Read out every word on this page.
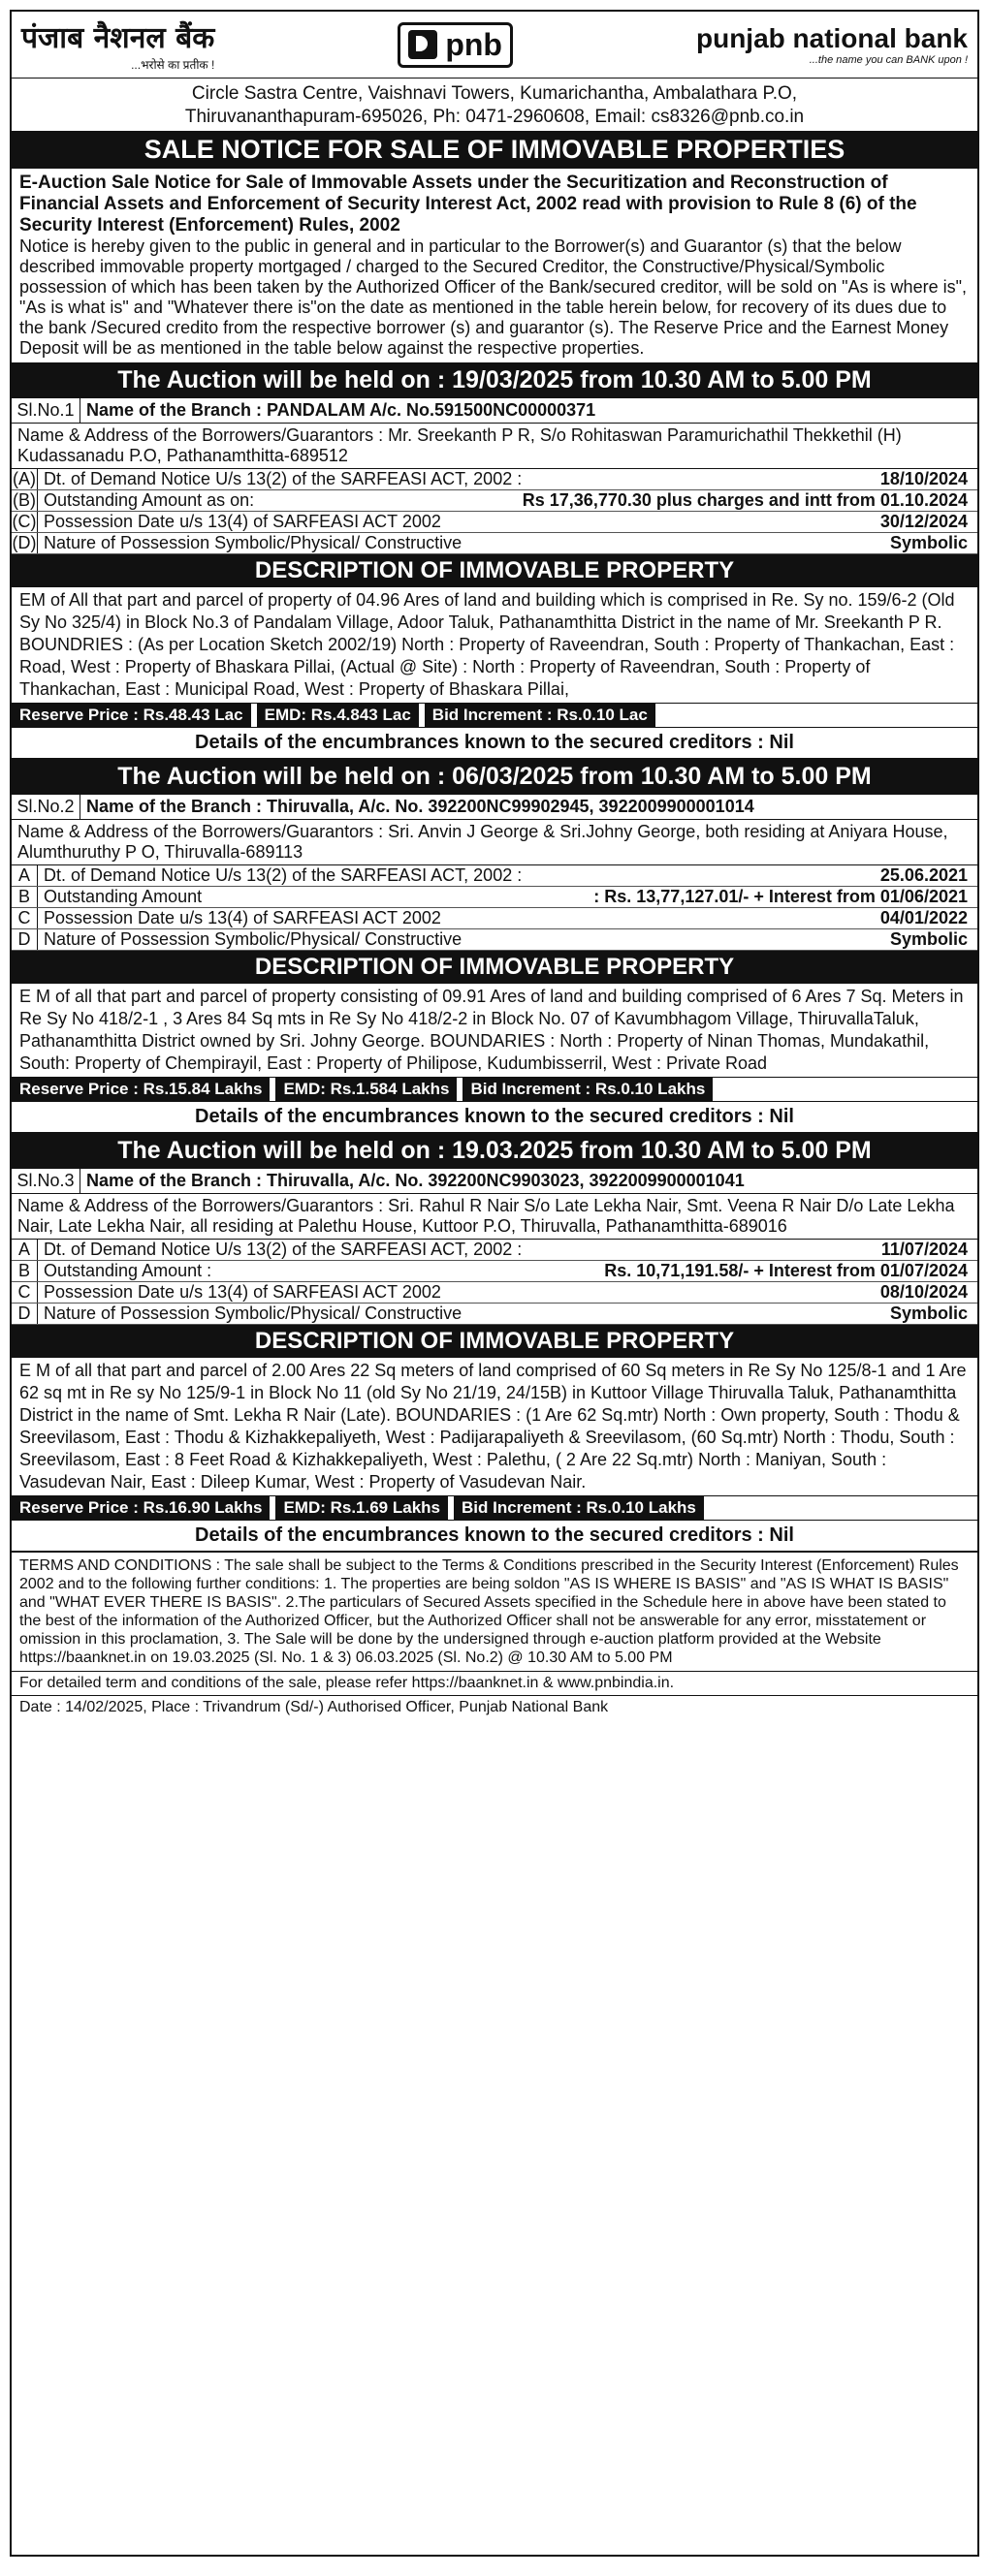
पंजाब नैशनल बैंक
...भरोसे का प्रतीक !
pnb	punjab national bank
...the name you can BANK upon !
Circle Sastra Centre, Vaishnavi Towers, Kumarichantha, Ambalathara P.O,
Thiruvananthapuram-695026, Ph: 0471-2960608, Email: cs8326@pnb.co.in
SALE NOTICE FOR SALE OF IMMOVABLE PROPERTIES
E-Auction Sale Notice for Sale of Immovable Assets under the Securitization and Reconstruction of Financial Assets and Enforcement of Security Interest Act, 2002 read with provision to Rule 8 (6) of the Security Interest (Enforcement) Rules, 2002
Notice is hereby given to the public in general and in particular to the Borrower(s) and Guarantor (s) that the below described immovable property mortgaged / charged to the Secured Creditor, the Constructive/Physical/Symbolic possession of which has been taken by the Authorized Officer of the Bank/secured creditor, will be sold on "As is where is", "As is what is" and "Whatever there is"on the date as mentioned in the table herein below, for recovery of its dues due to the bank /Secured credito from the respective borrower (s) and guarantor (s). The Reserve Price and the Earnest Money Deposit will be as mentioned in the table below against the respective properties.
The Auction will be held on : 19/03/2025 from 10.30 AM to 5.00 PM
Sl.No.1 Name of the Branch : PANDALAM A/c. No.591500NC00000371
Name & Address of the Borrowers/Guarantors : Mr. Sreekanth P R, S/o Rohitaswan Paramurichathil Thekkethil (H) Kudassanadu P.O, Pathanamthitta-689512
(A) Dt. of Demand Notice U/s 13(2) of the SARFEASI ACT, 2002 :	18/10/2024
(B) Outstanding Amount as on:	Rs 17,36,770.30 plus charges and intt from 01.10.2024
(C) Possession Date u/s 13(4) of SARFEASI ACT 2002	30/12/2024
(D) Nature of Possession Symbolic/Physical/ Constructive	Symbolic
DESCRIPTION OF IMMOVABLE PROPERTY
EM of All that part and parcel of property of 04.96 Ares of land and building which is comprised in Re. Sy no. 159/6-2 (Old Sy No 325/4) in Block No.3 of Pandalam Village, Adoor Taluk, Pathanamthitta District in the name of Mr. Sreekanth P R. BOUNDRIES : (As per Location Sketch 2002/19) North : Property of Raveendran, South : Property of Thankachan, East : Road, West : Property of Bhaskara Pillai, (Actual @ Site) : North : Property of Raveendran, South : Property of Thankachan, East : Municipal Road, West : Property of Bhaskara Pillai,
Reserve Price : Rs.48.43 Lac	EMD: Rs.4.843 Lac	Bid Increment : Rs.0.10 Lac
Details of the encumbrances known to the secured creditors : Nil
The Auction will be held on : 06/03/2025 from 10.30 AM to 5.00 PM
Sl.No.2 Name of the Branch : Thiruvalla, A/c. No. 392200NC99902945, 3922009900001014
Name & Address of the Borrowers/Guarantors : Sri. Anvin J George & Sri.Johny George, both residing at Aniyara House, Alumthuruthy P O, Thiruvalla-689113
A Dt. of Demand Notice U/s 13(2) of the SARFEASI ACT, 2002 :	25.06.2021
B Outstanding Amount	: Rs. 13,77,127.01/- + Interest from 01/06/2021
C Possession Date u/s 13(4) of SARFEASI ACT 2002	04/01/2022
D Nature of Possession Symbolic/Physical/ Constructive	Symbolic
DESCRIPTION OF IMMOVABLE PROPERTY
E M of all that part and parcel of property consisting of 09.91 Ares of land and building comprised of 6 Ares 7 Sq. Meters in Re Sy No 418/2-1 , 3 Ares 84 Sq mts in Re Sy No 418/2-2 in Block No. 07 of Kavumbhagom Village, ThiruvallaTaluk, Pathanamthitta District owned by Sri. Johny George. BOUNDARIES : North : Property of Ninan Thomas, Mundakathil, South: Property of Chempirayil, East : Property of Philipose, Kudumbisserril, West : Private Road
Reserve Price : Rs.15.84 Lakhs	EMD: Rs.1.584 Lakhs	Bid Increment : Rs.0.10 Lakhs
Details of the encumbrances known to the secured creditors : Nil
The Auction will be held on : 19.03.2025 from 10.30 AM to 5.00 PM
Sl.No.3 Name of the Branch : Thiruvalla, A/c. No. 392200NC9903023, 3922009900001041
Name & Address of the Borrowers/Guarantors : Sri. Rahul R Nair S/o Late Lekha Nair, Smt. Veena R Nair D/o Late Lekha Nair, Late Lekha Nair, all residing at Palethu House, Kuttoor P.O, Thiruvalla, Pathanamthitta-689016
A Dt. of Demand Notice U/s 13(2) of the SARFEASI ACT, 2002 :	11/07/2024
B Outstanding Amount :	Rs. 10,71,191.58/- + Interest from 01/07/2024
C Possession Date u/s 13(4) of SARFEASI ACT 2002	08/10/2024
D Nature of Possession Symbolic/Physical/ Constructive	Symbolic
DESCRIPTION OF IMMOVABLE PROPERTY
E M of all that part and parcel of 2.00 Ares 22 Sq meters of land comprised of 60 Sq meters in Re Sy No 125/8-1 and 1 Are 62 sq mt in Re sy No 125/9-1 in Block No 11 (old Sy No 21/19, 24/15B) in Kuttoor Village Thiruvalla Taluk, Pathanamthitta District in the name of Smt. Lekha R Nair (Late). BOUNDARIES : (1 Are 62 Sq.mtr) North : Own property, South : Thodu & Sreevilasom, East : Thodu & Kizhakkepaliyeth, West : Padijarapaliyeth & Sreevilasom, (60 Sq.mtr) North : Thodu, South : Sreevilasom, East : 8 Feet Road & Kizhakkepaliyeth, West : Palethu, ( 2 Are 22 Sq.mtr) North : Maniyan, South : Vasudevan Nair, East : Dileep Kumar, West : Property of Vasudevan Nair.
Reserve Price : Rs.16.90 Lakhs	EMD: Rs.1.69 Lakhs	Bid Increment : Rs.0.10 Lakhs
Details of the encumbrances known to the secured creditors : Nil
TERMS AND CONDITIONS : The sale shall be subject to the Terms & Conditions prescribed in the Security Interest (Enforcement) Rules 2002 and to the following further conditions: 1. The properties are being soldon "AS IS WHERE IS BASIS" and "AS IS WHAT IS BASIS" and "WHAT EVER THERE IS BASIS". 2.The particulars of Secured Assets specified in the Schedule here in above have been stated to the best of the information of the Authorized Officer, but the Authorized Officer shall not be answerable for any error, misstatement or omission in this proclamation, 3. The Sale will be done by the undersigned through e-auction platform provided at the Website https://baanknet.in on 19.03.2025 (Sl. No. 1 & 3) 06.03.2025 (Sl. No.2) @ 10.30 AM to 5.00 PM
For detailed term and conditions of the sale, please refer https://baanknet.in & www.pnbindia.in.
Date : 14/02/2025, Place : Trivandrum (Sd/-) Authorised Officer, Punjab National Bank
